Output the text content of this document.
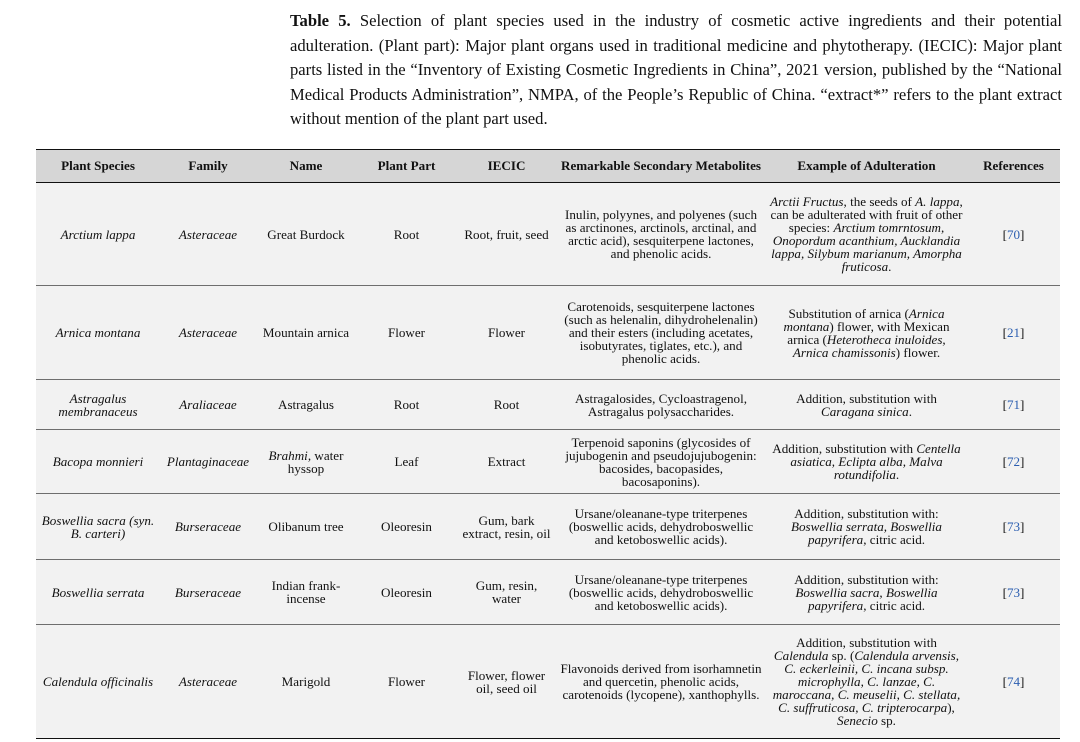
Table 5. Selection of plant species used in the industry of cosmetic active ingredients and their potential adulteration. (Plant part): Major plant organs used in traditional medicine and phytotherapy. (IECIC): Major plant parts listed in the “Inventory of Existing Cosmetic Ingredients in China”, 2021 version, published by the “National Medical Products Administration”, NMPA, of the People’s Republic of China. “extract*” refers to the plant extract without mention of the plant part used.
Plant Species	Family	Name	Plant Part	IECIC	Remarkable Secondary Metabolites	Example of Adulteration	References
Arctium lappa	Asteraceae	Great Burdock	Root	Root, fruit, seed	Inulin, polyynes, and polyenes (such as arctinones, arctinols, arctinal, and arctic acid), sesquiterpene lactones, and phenolic acids.	Arctii Fructus, the seeds of A. lappa, can be adulterated with fruit of other species: Arctium tomrntosum, Onopordum acanthium, Aucklandia lappa, Silybum marianum, Amorpha fruticosa.	[70]
Arnica montana	Asteraceae	Mountain arnica	Flower	Flower	Carotenoids, sesquiterpene lactones (such as helenalin, dihydrohelenalin) and their esters (including acetates, isobutyrates, tiglates, etc.), and phenolic acids.	Substitution of arnica (Arnica montana) flower, with Mexican arnica (Heterotheca inuloides, Arnica chamissonis) flower.	[21]
Astragalus membranaceus	Araliaceae	Astragalus	Root	Root	Astragalosides, Cycloastragenol, Astragalus polysaccharides.	Addition, substitution with Caragana sinica.	[71]
Bacopa monnieri	Plantaginaceae	Brahmi, water hyssop	Leaf	Extract	Terpenoid saponins (glycosides of jujubogenin and pseudojujubogenin: bacosides, bacopasides, bacosaponins).	Addition, substitution with Centella asiatica, Eclipta alba, Malva rotundifolia.	[72]
Boswellia sacra (syn. B. carteri)	Burseraceae	Olibanum tree	Oleoresin	Gum, bark extract, resin, oil	Ursane/oleanane-type triterpenes (boswellic acids, dehydroboswellic and ketoboswellic acids).	Addition, substitution with: Boswellia serrata, Boswellia papyrifera, citric acid.	[73]
Boswellia serrata	Burseraceae	Indian frank-incense	Oleoresin	Gum, resin, water	Ursane/oleanane-type triterpenes (boswellic acids, dehydroboswellic and ketoboswellic acids).	Addition, substitution with: Boswellia sacra, Boswellia papyrifera, citric acid.	[73]
Calendula officinalis	Asteraceae	Marigold	Flower	Flower, flower oil, seed oil	Flavonoids derived from isorhamnetin and quercetin, phenolic acids, carotenoids (lycopene), xanthophylls.	Addition, substitution with Calendula sp. (Calendula arvensis, C. eckerleinii, C. incana subsp. microphylla, C. lanzae, C. maroccana, C. meuselii, C. stellata, C. suffruticosa, C. tripterocarpa), Senecio sp.	[74]
